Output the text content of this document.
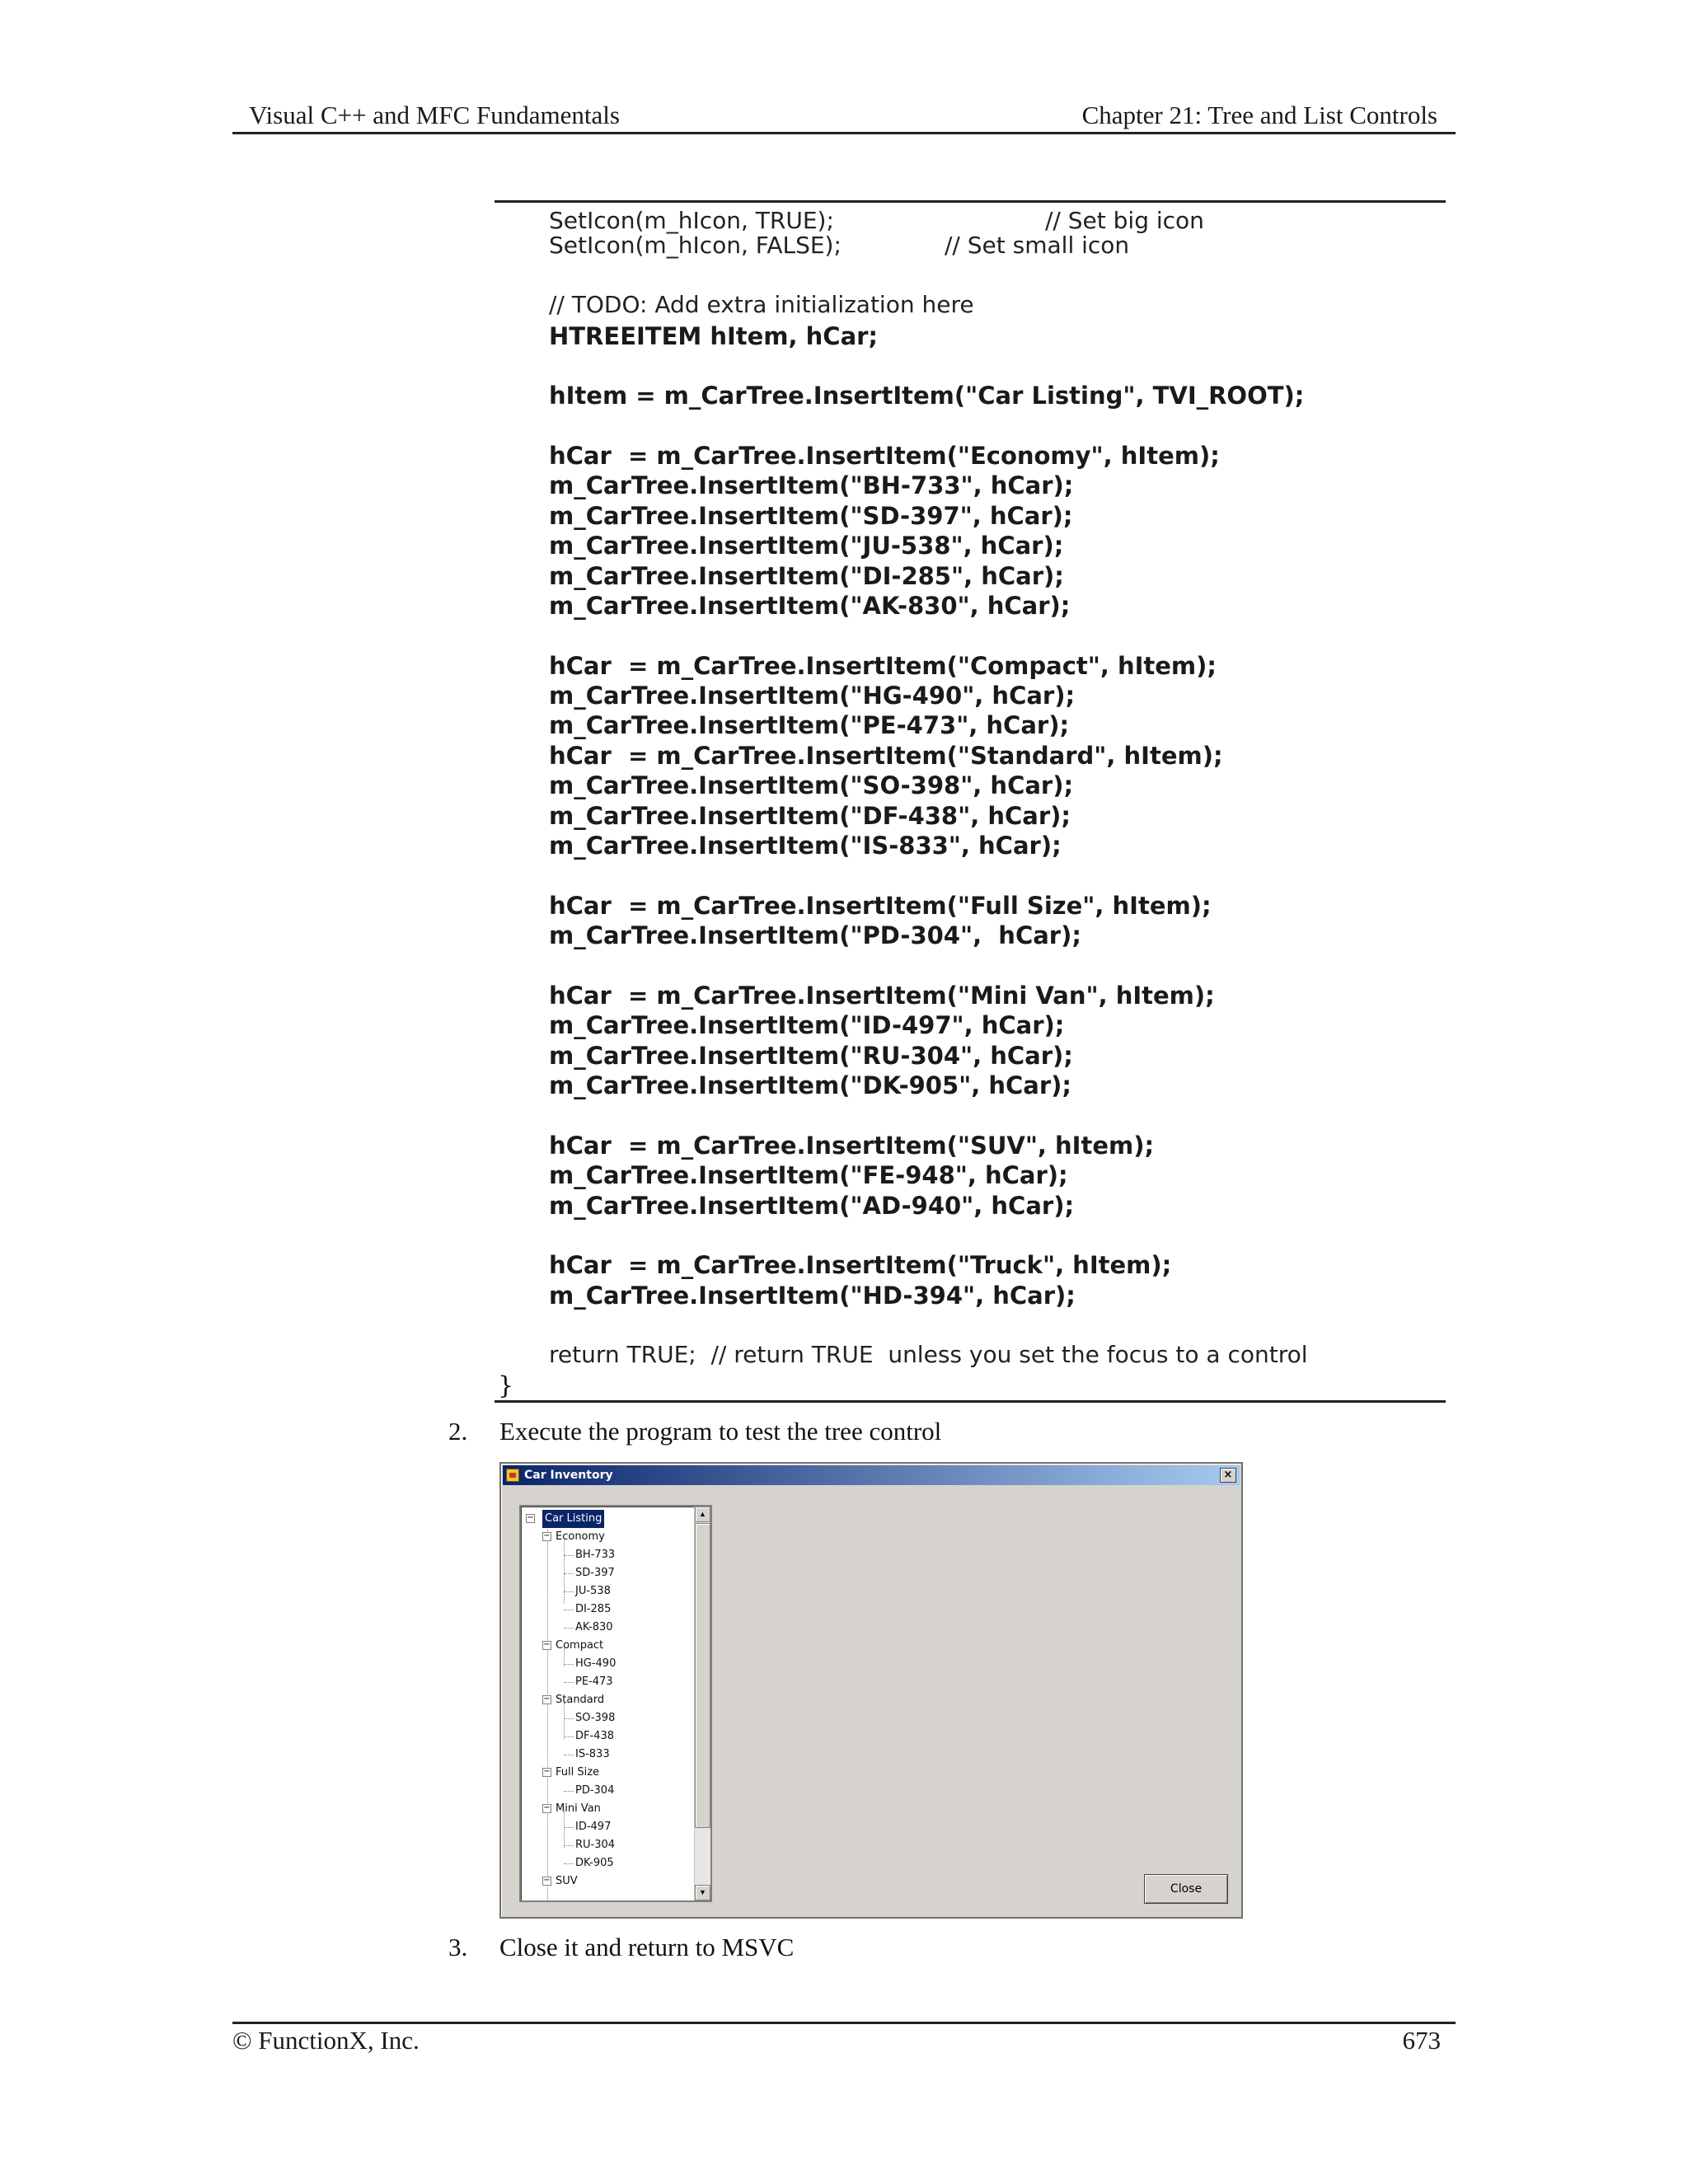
Visual C++ and MFC Fundamentals	Chapter 21: Tree and List Controls
SetIcon(m_hIcon, TRUE);	// Set big icon
SetIcon(m_hIcon, FALSE);	// Set small icon
// TODO: Add extra initialization here
HTREEITEM hItem, hCar;
hItem = m_CarTree.InsertItem("Car Listing", TVI_ROOT);
hCar  = m_CarTree.InsertItem("Economy", hItem);
m_CarTree.InsertItem("BH-733", hCar);
m_CarTree.InsertItem("SD-397", hCar);
m_CarTree.InsertItem("JU-538", hCar);
m_CarTree.InsertItem("DI-285", hCar);
m_CarTree.InsertItem("AK-830", hCar);
hCar  = m_CarTree.InsertItem("Compact", hItem);
m_CarTree.InsertItem("HG-490", hCar);
m_CarTree.InsertItem("PE-473", hCar);
hCar  = m_CarTree.InsertItem("Standard", hItem);
m_CarTree.InsertItem("SO-398", hCar);
m_CarTree.InsertItem("DF-438", hCar);
m_CarTree.InsertItem("IS-833", hCar);
hCar  = m_CarTree.InsertItem("Full Size", hItem);
m_CarTree.InsertItem("PD-304",  hCar);
hCar  = m_CarTree.InsertItem("Mini Van", hItem);
m_CarTree.InsertItem("ID-497", hCar);
m_CarTree.InsertItem("RU-304", hCar);
m_CarTree.InsertItem("DK-905", hCar);
hCar  = m_CarTree.InsertItem("SUV", hItem);
m_CarTree.InsertItem("FE-948", hCar);
m_CarTree.InsertItem("AD-940", hCar);
hCar  = m_CarTree.InsertItem("Truck", hItem);
m_CarTree.InsertItem("HD-394", hCar);
return TRUE;  // return TRUE  unless you set the focus to a control
}
2. Execute the program to test the tree control
Car Inventory	×
− Car Listing
− Economy
BH-733
SD-397
JU-538
DI-285
AK-830
− Compact
HG-490
PE-473
− Standard
SO-398
DF-438
IS-833
− Full Size
PD-304
− Mini Van
ID-497
RU-304
DK-905
− SUV
▲
▼	Close
3. Close it and return to MSVC
© FunctionX, Inc.	673
